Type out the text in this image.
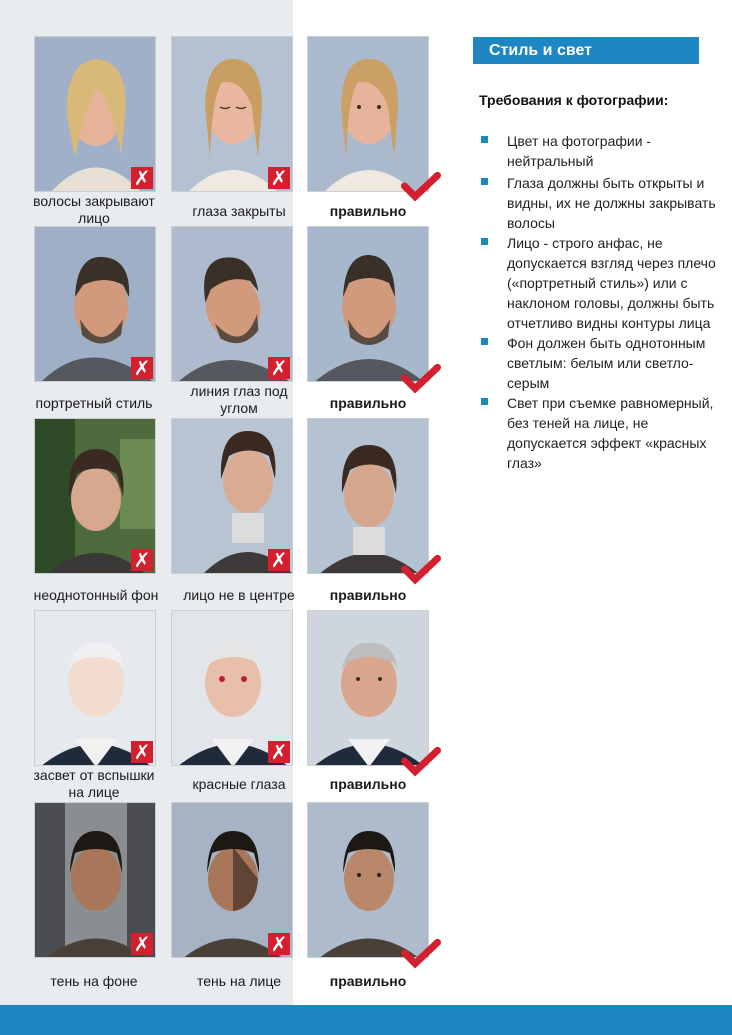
✗	✗
волосы закрывают лицо	глаза закрыты	правильно
✗	✗
портретный стиль
линия глаз под углом	правильно
✗	✗
неоднотонный фон	лицо не в центре	правильно
✗	✗
засвет от вспышки на лице	красные глаза	правильно
✗	✗
тень на фоне	тень на лице	правильно
Стиль и свет
Требования к фотографии:
Цвет на фотографии - нейтральный
Глаза должны быть открыты и видны, их не должны закрывать волосы
Лицо - строго анфас, не допускается взгляд через плечо («портретный стиль») или с наклоном головы, должны быть отчетливо видны контуры лица
Фон должен быть однотонным светлым: белым или светло-серым
Свет при съемке равномерный, без теней на лице, не допускается эффект «красных глаз»
